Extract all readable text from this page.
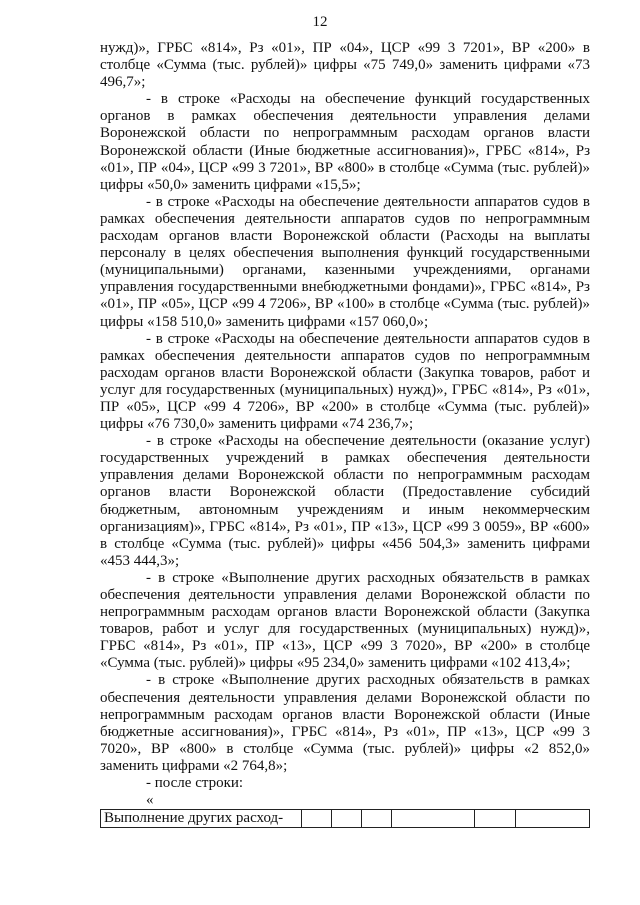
12

нужд)», ГРБС «814», Рз «01», ПР «04», ЦСР «99 3 7201», ВР «200» в столбце «Сумма (тыс. рублей)» цифры «75 749,0» заменить цифрами «73 496,7»;

- в строке «Расходы на обеспечение функций государственных органов в рамках обеспечения деятельности управления делами Воронежской области по непрограммным расходам органов власти Воронежской области (Иные бюджетные ассигнования)», ГРБС «814», Рз «01», ПР «04», ЦСР «99 3 7201», ВР «800» в столбце «Сумма (тыс. рублей)» цифры «50,0» заменить цифрами «15,5»;

- в строке «Расходы на обеспечение деятельности аппаратов судов в рамках обеспечения деятельности аппаратов судов по непрограммным расходам органов власти Воронежской области (Расходы на выплаты персоналу в целях обеспечения выполнения функций государственными (муниципальными) органами, казенными учреждениями, органами управления государственными внебюджетными фондами)», ГРБС «814», Рз «01», ПР «05», ЦСР «99 4 7206», ВР «100» в столбце «Сумма (тыс. рублей)» цифры «158 510,0» заменить цифрами «157 060,0»;

- в строке «Расходы на обеспечение деятельности аппаратов судов в рамках обеспечения деятельности аппаратов судов по непрограммным расходам органов власти Воронежской области (Закупка товаров, работ и услуг для государственных (муниципальных) нужд)», ГРБС «814», Рз «01», ПР «05», ЦСР «99 4 7206», ВР «200» в столбце «Сумма (тыс. рублей)» цифры «76 730,0» заменить цифрами «74 236,7»;

- в строке «Расходы на обеспечение деятельности (оказание услуг) государственных учреждений в рамках обеспечения деятельности управления делами Воронежской области по непрограммным расходам органов власти Воронежской области (Предоставление субсидий бюджетным, автономным учреждениям и иным некоммерческим организациям)», ГРБС «814», Рз «01», ПР «13», ЦСР «99 3 0059», ВР «600» в столбце «Сумма (тыс. рублей)» цифры «456 504,3» заменить цифрами «453 444,3»;

- в строке «Выполнение других расходных обязательств в рамках обеспечения деятельности управления делами Воронежской области по непрограммным расходам органов власти Воронежской области (Закупка товаров, работ и услуг для государственных (муниципальных) нужд)», ГРБС «814», Рз «01», ПР «13», ЦСР «99 3 7020», ВР «200» в столбце «Сумма (тыс. рублей)» цифры «95 234,0» заменить цифрами «102 413,4»;

- в строке «Выполнение других расходных обязательств в рамках обеспечения деятельности управления делами Воронежской области по непрограммным расходам органов власти Воронежской области (Иные бюджетные ассигнования)», ГРБС «814», Рз «01», ПР «13», ЦСР «99 3 7020», ВР «800» в столбце «Сумма (тыс. рублей)» цифры «2 852,0» заменить цифрами «2 764,8»;

- после строки:

«

Выполнение других расход-						
